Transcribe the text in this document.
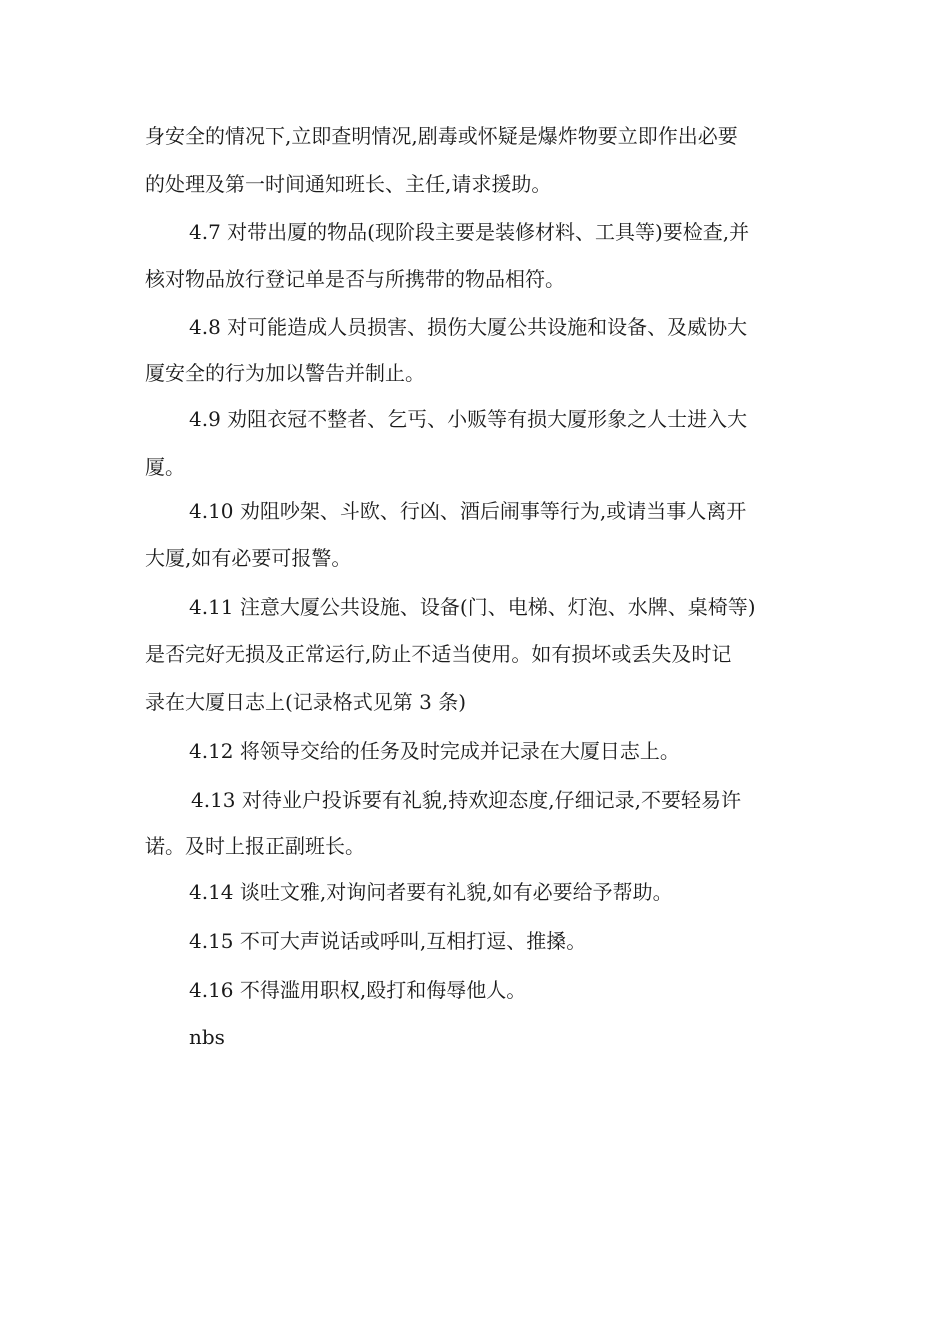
身安全的情况下,立即查明情况,剧毒或怀疑是爆炸物要立即作出必要
的处理及第一时间通知班长、主任,请求援助。
4.7 对带出厦的物品(现阶段主要是装修材料、工具等)要检查,并
核对物品放行登记单是否与所携带的物品相符。
4.8 对可能造成人员损害、损伤大厦公共设施和设备、及威协大
厦安全的行为加以警告并制止。
4.9 劝阻衣冠不整者、乞丐、小贩等有损大厦形象之人士进入大
厦。
4.10 劝阻吵架、斗欧、行凶、酒后闹事等行为,或请当事人离开
大厦,如有必要可报警。
4.11 注意大厦公共设施、设备(门、电梯、灯泡、水牌、桌椅等)
是否完好无损及正常运行,防止不适当使用。如有损坏或丢失及时记
录在大厦日志上(记录格式见第 3 条)
4.12 将领导交给的任务及时完成并记录在大厦日志上。
4.13 对待业户投诉要有礼貌,持欢迎态度,仔细记录,不要轻易许
诺。及时上报正副班长。
4.14 谈吐文雅,对询问者要有礼貌,如有必要给予帮助。
4.15 不可大声说话或呼叫,互相打逗、推搡。
4.16 不得滥用职权,殴打和侮辱他人。
nbs
